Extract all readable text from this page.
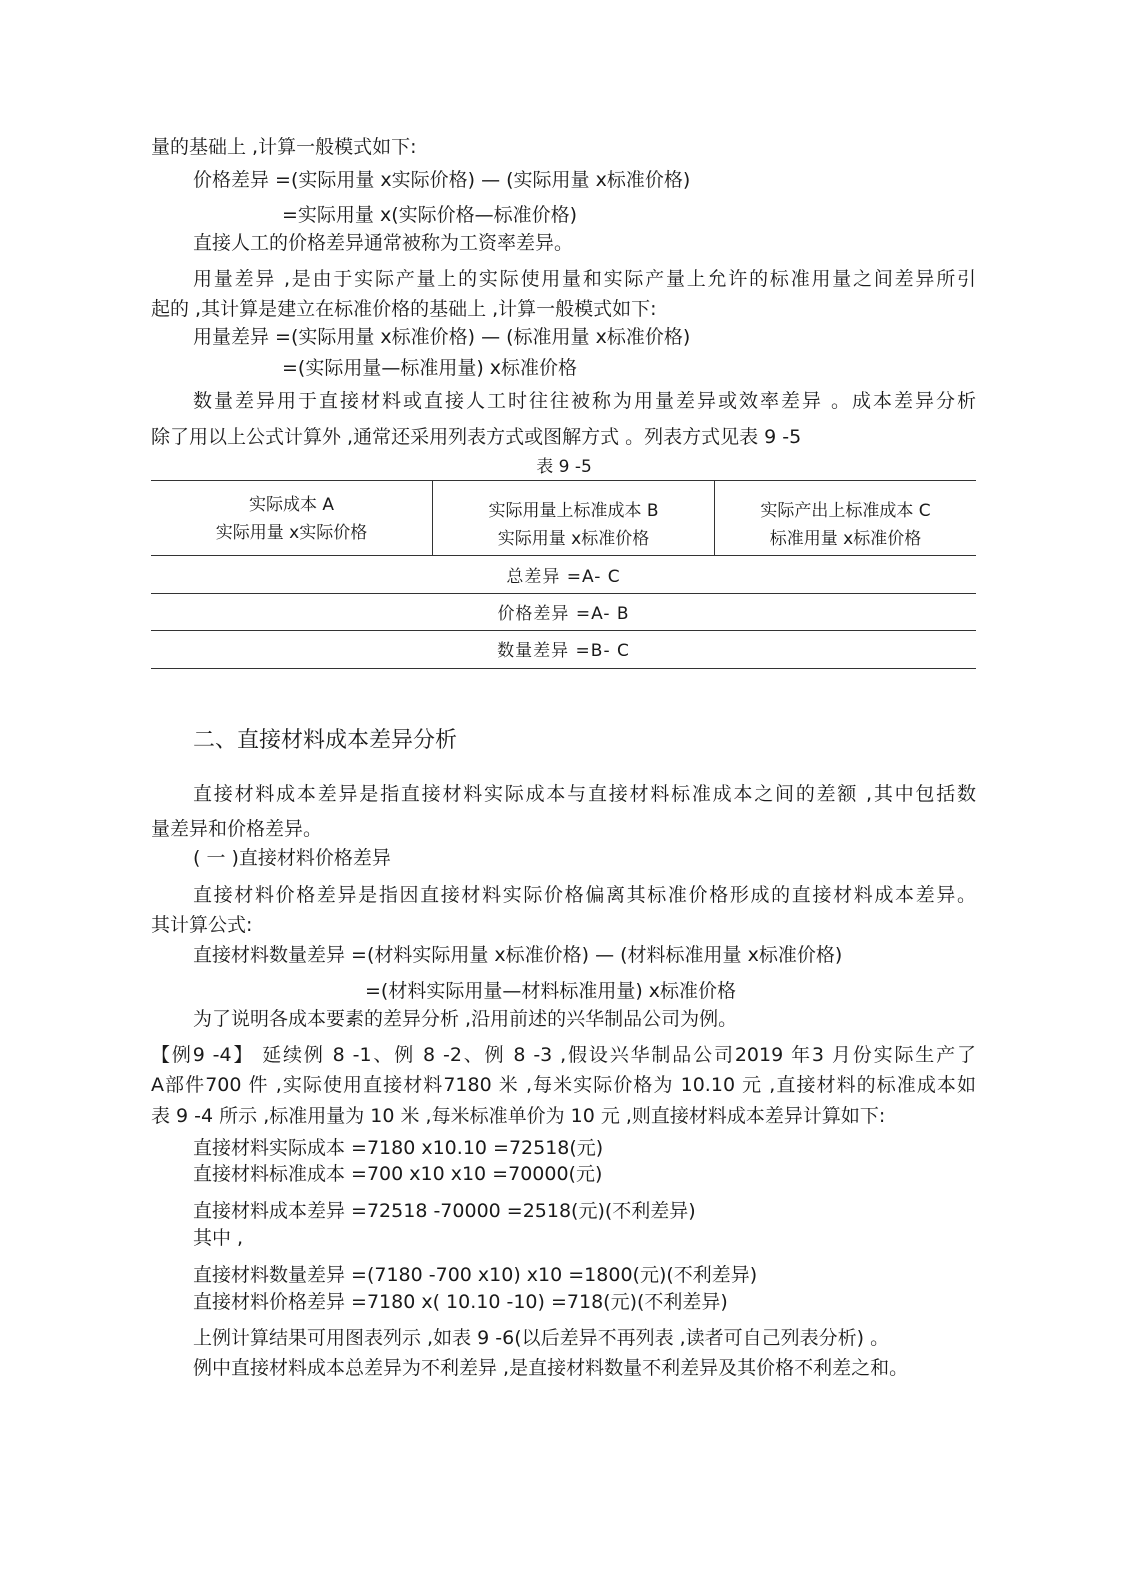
量的基础上 ,计算一般模式如下:
价格差异 =(实际用量 x实际价格) — (实际用量 x标准价格)
=实际用量 x(实际价格—标准价格)
直接人工的价格差异通常被称为工资率差异。
用量差异 ,是由于实际产量上的实际使用量和实际产量上允许的标准用量之间差异所引
起的 ,其计算是建立在标准价格的基础上 ,计算一般模式如下:
用量差异 =(实际用量 x标准价格) — (标准用量 x标准价格)
=(实际用量—标准用量) x标准价格
数量差异用于直接材料或直接人工时往往被称为用量差异或效率差异 。成本差异分析
除了用以上公式计算外 ,通常还采用列表方式或图解方式 。列表方式见表 9 -5
表 9 -5
实际成本 A
实际用量 x实际价格
实际用量上标准成本 B
实际用量 x标准价格
实际产出上标准成本 C
标准用量 x标准价格
总差异 =A- C
价格差异 =A- B
数量差异 =B- C
二、直接材料成本差异分析
直接材料成本差异是指直接材料实际成本与直接材料标准成本之间的差额 ,其中包括数
量差异和价格差异。
( 一 )直接材料价格差异
直接材料价格差异是指因直接材料实际价格偏离其标准价格形成的直接材料成本差异。
其计算公式:
直接材料数量差异 =(材料实际用量 x标准价格) — (材料标准用量 x标准价格)
=(材料实际用量—材料标准用量) x标准价格
为了说明各成本要素的差异分析 ,沿用前述的兴华制品公司为例。
【例9 -4】 延续例 8 -1、例 8 -2、例 8 -3 ,假设兴华制品公司2019 年3 月份实际生产了
A部件700 件 ,实际使用直接材料7180 米 ,每米实际价格为 10.10 元 ,直接材料的标准成本如
表 9 -4 所示 ,标准用量为 10 米 ,每米标准单价为 10 元 ,则直接材料成本差异计算如下:
直接材料实际成本 =7180 x10.10 =72518(元)
直接材料标准成本 =700 x10 x10 =70000(元)
直接材料成本差异 =72518 -70000 =2518(元)(不利差异)
其中 ,
直接材料数量差异 =(7180 -700 x10) x10 =1800(元)(不利差异)
直接材料价格差异 =7180 x( 10.10 -10) =718(元)(不利差异)
上例计算结果可用图表列示 ,如表 9 -6(以后差异不再列表 ,读者可自己列表分析) 。
例中直接材料成本总差异为不利差异 ,是直接材料数量不利差异及其价格不利差之和。
